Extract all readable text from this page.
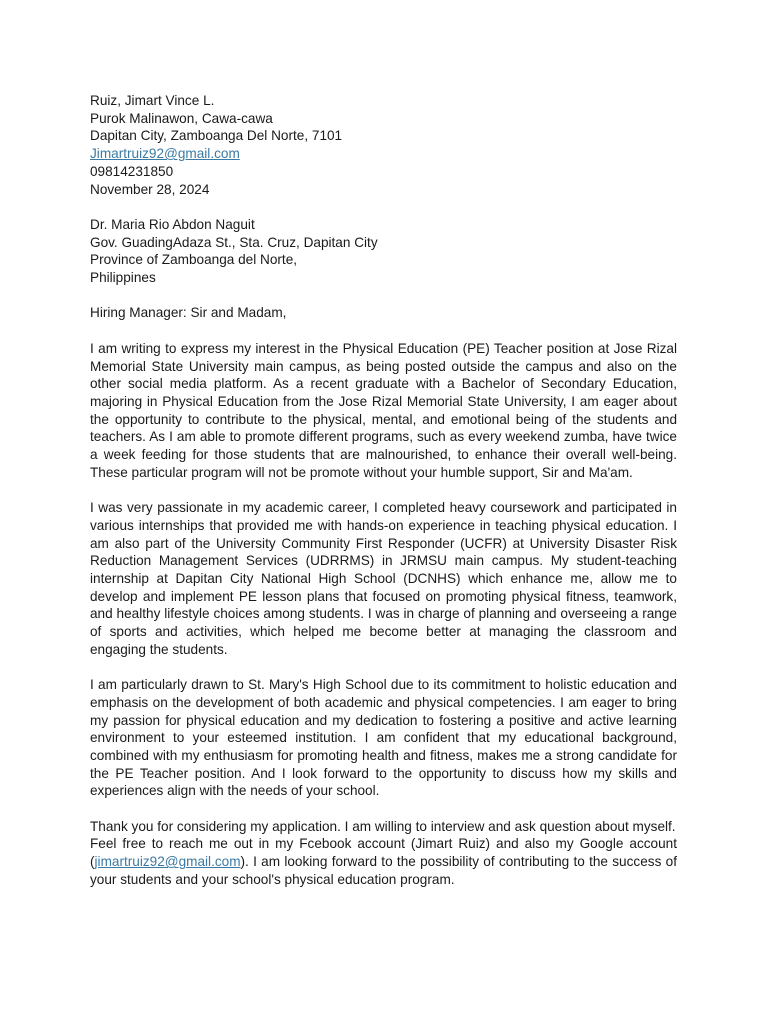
Ruiz, Jimart Vince L.
Purok Malinawon, Cawa-cawa
Dapitan City, Zamboanga Del Norte, 7101
Jimartruiz92@gmail.com
09814231850
November 28, 2024
Dr. Maria Rio Abdon Naguit
Gov. GuadingAdaza St., Sta. Cruz, Dapitan City
Province of Zamboanga del Norte,
Philippines
Hiring Manager: Sir and Madam,

I am writing to express my interest in the Physical Education (PE) Teacher position at Jose Rizal Memorial State University main campus, as being posted outside the campus and also on the other social media platform. As a recent graduate with a Bachelor of Secondary Education, majoring in Physical Education from the Jose Rizal Memorial State University, I am eager about the opportunity to contribute to the physical, mental, and emotional being of the students and teachers. As I am able to promote different programs, such as every weekend zumba, have twice a week feeding for those students that are malnourished, to enhance their overall well-being. These particular program will not be promote without your humble support, Sir and Ma'am.

I was very passionate in my academic career, I completed heavy coursework and participated in various internships that provided me with hands-on experience in teaching physical education. I am also part of the University Community First Responder (UCFR) at University Disaster Risk Reduction Management Services (UDRRMS) in JRMSU main campus. My student-teaching internship at Dapitan City National High School (DCNHS) which enhance me, allow me to develop and implement PE lesson plans that focused on promoting physical fitness, teamwork, and healthy lifestyle choices among students. I was in charge of planning and overseeing a range of sports and activities, which helped me become better at managing the classroom and engaging the students.

I am particularly drawn to St. Mary's High School due to its commitment to holistic education and emphasis on the development of both academic and physical competencies. I am eager to bring my passion for physical education and my dedication to fostering a positive and active learning environment to your esteemed institution. I am confident that my educational background, combined with my enthusiasm for promoting health and fitness, makes me a strong candidate for the PE Teacher position. And I look forward to the opportunity to discuss how my skills and experiences align with the needs of your school.

Thank you for considering my application. I am willing to interview and ask question about myself.

Feel free to reach me out in my Fcebook account (Jimart Ruiz) and also my Google account (jimartruiz92@gmail.com). I am looking forward to the possibility of contributing to the success of your students and your school's physical education program.
